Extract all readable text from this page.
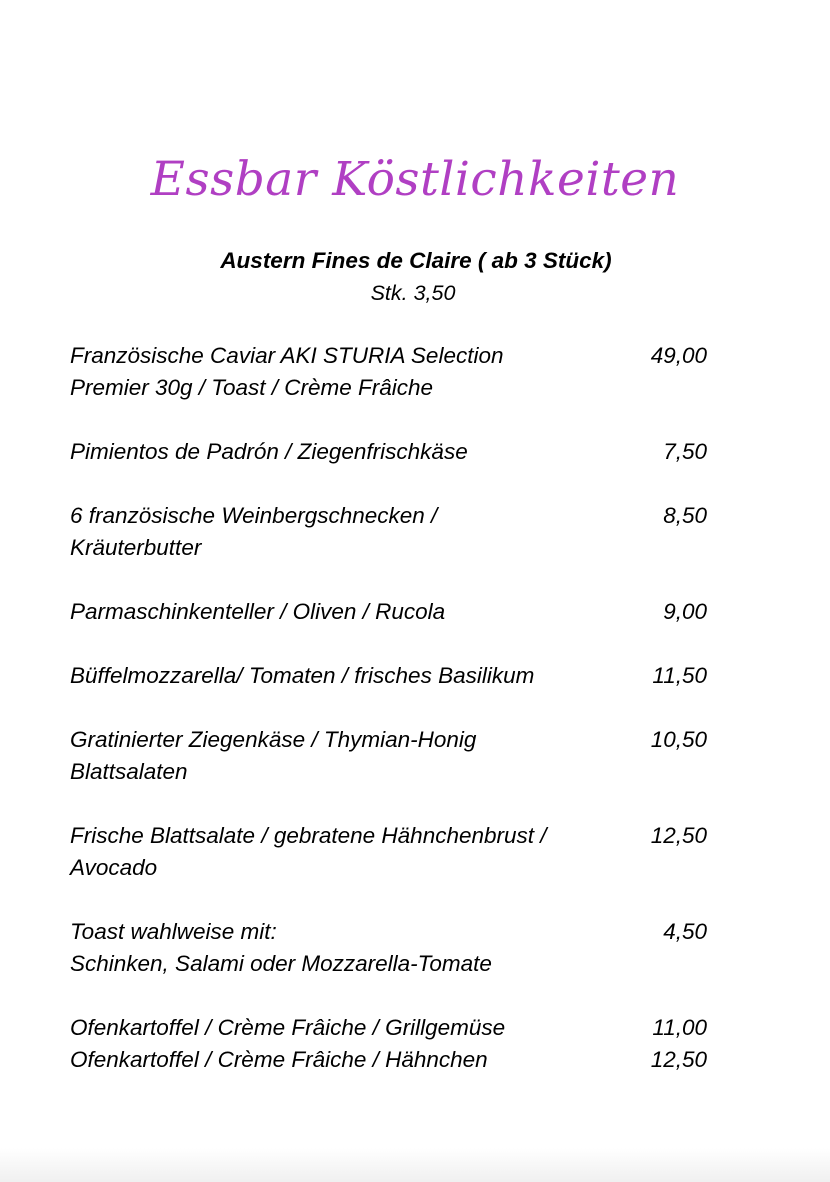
Essbar Köstlichkeiten
Austern Fines de Claire ( ab 3 Stück)
Stk. 3,50
Französische Caviar AKI STURIA Selection	49,00
Premier 30g / Toast / Crème Frâiche
Pimientos de Padrón / Ziegenfrischkäse	7,50
6 französische Weinbergschnecken /	8,50
Kräuterbutter
Parmaschinkenteller / Oliven / Rucola	9,00
Büffelmozzarella/ Tomaten / frisches Basilikum	11,50
Gratinierter Ziegenkäse / Thymian-Honig	10,50
Blattsalaten
Frische Blattsalate / gebratene Hähnchenbrust /	12,50
Avocado
Toast wahlweise mit:	4,50
Schinken, Salami oder Mozzarella-Tomate
Ofenkartoffel / Crème Frâiche / Grillgemüse	11,00
Ofenkartoffel / Crème Frâiche / Hähnchen	12,50
